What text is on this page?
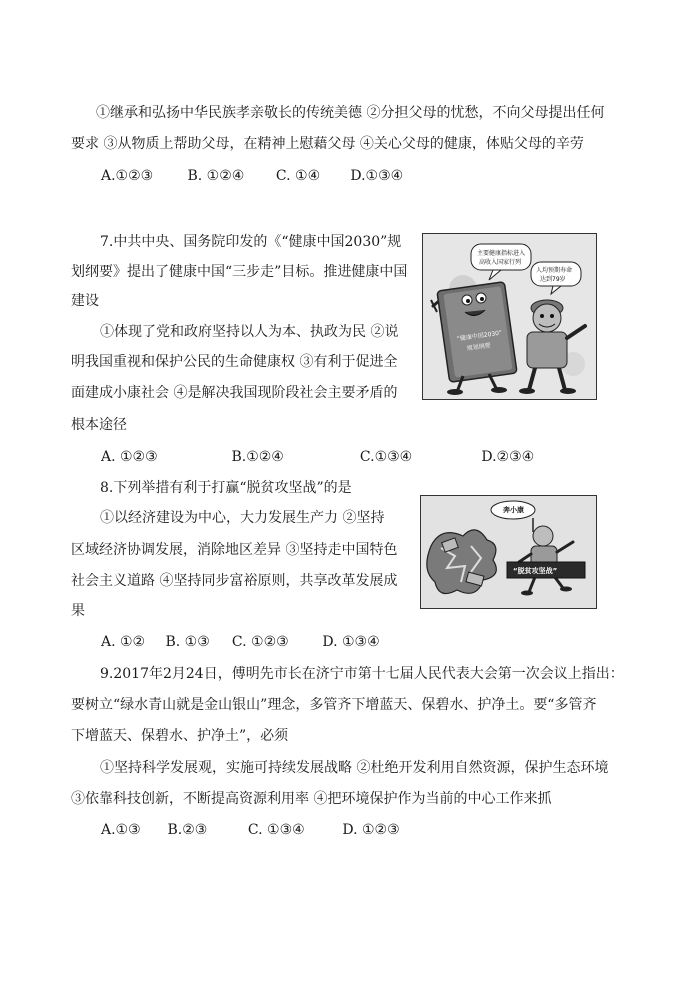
①继承和弘扬中华民族孝亲敬长的传统美德 ②分担父母的忧愁，不向父母提出任何
要求 ③从物质上帮助父母，在精神上慰藉父母 ④关心父母的健康，体贴父母的辛劳
A.①②③ B. ①②④ C. ①④ D.①③④
7.中共中央、国务院印发的《“健康中国2030”规
划纲要》提出了健康中国“三步走”目标。推进健康中国
建设
①体现了党和政府坚持以人为本、执政为民 ②说
明我国重视和保护公民的生命健康权 ③有利于促进全
面建成小康社会 ④是解决我国现阶段社会主要矛盾的
根本途径
A. ①②③	B.①②④	C.①③④	D.②③④
主要健康指标进入
高收入国家行列
人均预期寿命
达到79岁
“健康中国2030”
规划纲要
8.下列举措有利于打赢“脱贫攻坚战”的是
①以经济建设为中心，大力发展生产力 ②坚持
区域经济协调发展，消除地区差异 ③坚持走中国特色
社会主义道路 ④坚持同步富裕原则，共享改革发展成
果
A. ①② B. ①③ C. ①②③ D. ①③④
奔小康
“脱贫攻坚战”
9.2017年2月24日，傅明先市长在济宁市第十七届人民代表大会第一次会议上指出：
要树立“绿水青山就是金山银山”理念，多管齐下增蓝天、保碧水、护净土。要“多管齐
下增蓝天、保碧水、护净土”，必须
①坚持科学发展观，实施可持续发展战略 ②杜绝开发利用自然资源，保护生态环境
③依靠科技创新，不断提高资源利用率 ④把环境保护作为当前的中心工作来抓
A.①③ B.②③	C. ①③④	D. ①②③
